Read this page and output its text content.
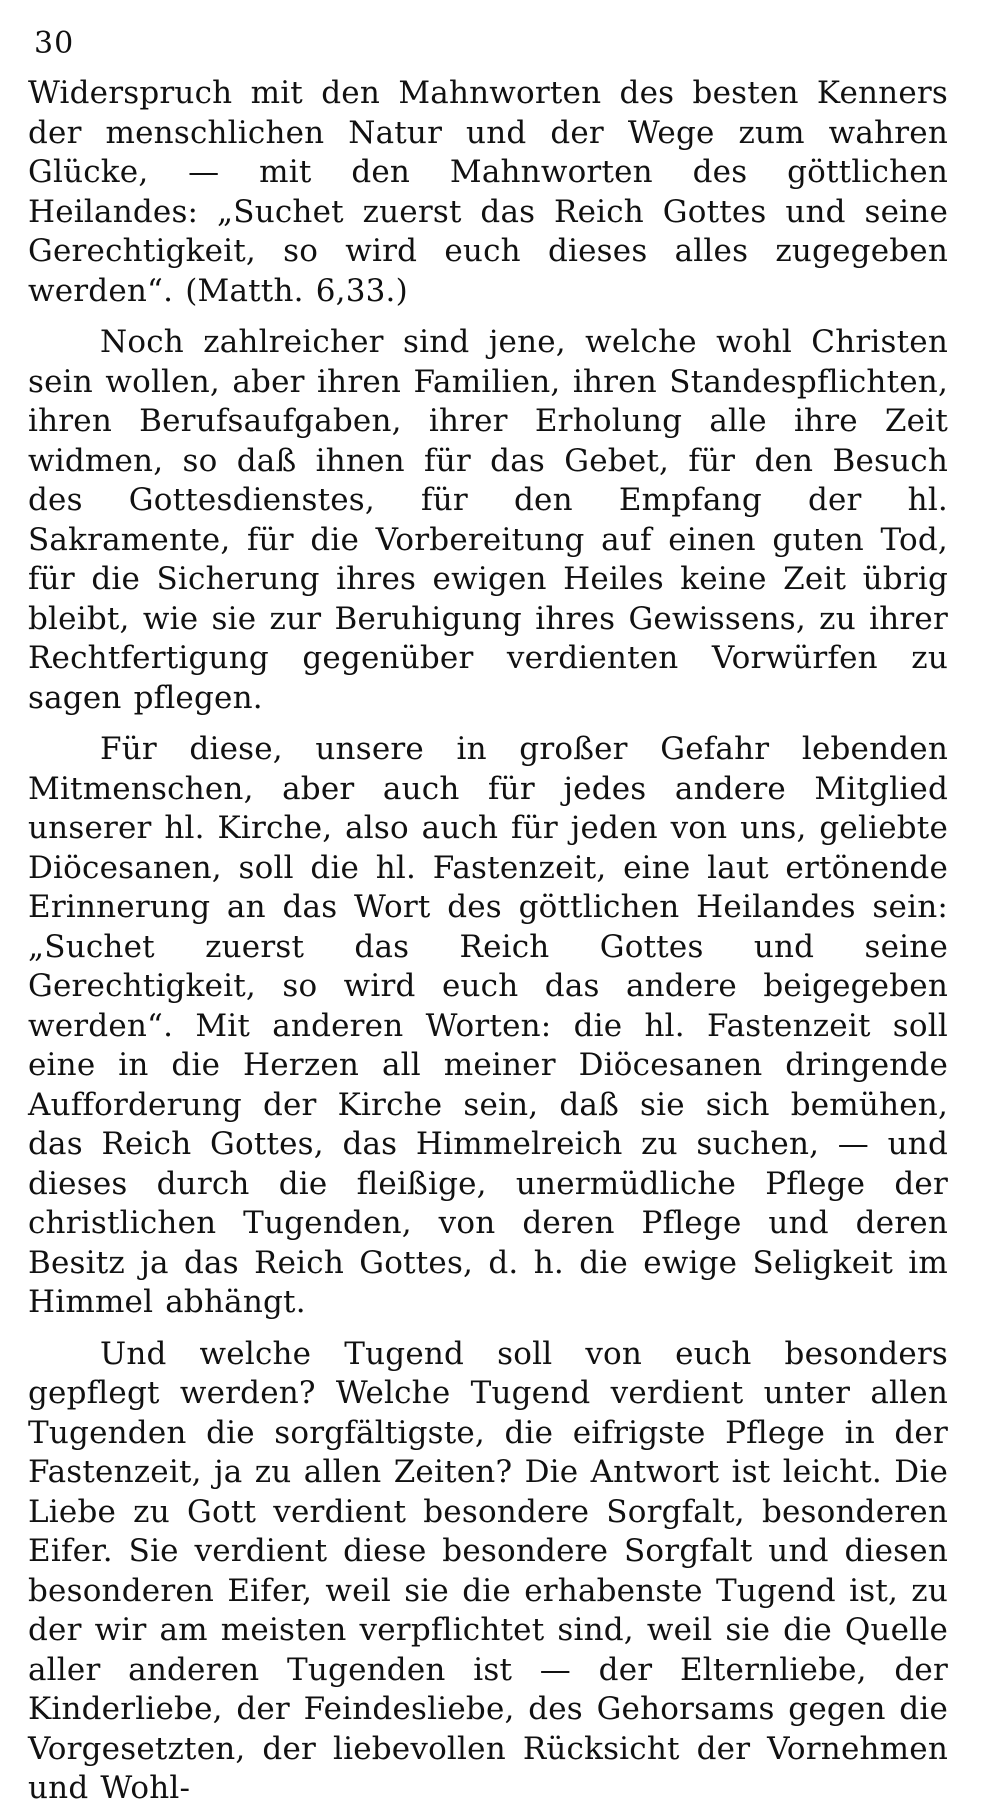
30

Widerspruch mit den Mahnworten des besten Kenners der menschlichen Natur und der Wege zum wahren Glücke, — mit den Mahnworten des göttlichen Heilandes: „Suchet zuerst das Reich Gottes und seine Gerechtigkeit, so wird euch dieses alles zugegeben werden“. (Matth. 6,33.)

Noch zahlreicher sind jene, welche wohl Christen sein wollen, aber ihren Familien, ihren Standespflichten, ihren Berufsaufgaben, ihrer Erholung alle ihre Zeit widmen, so daß ihnen für das Gebet, für den Besuch des Gottesdienstes, für den Empfang der hl. Sakramente, für die Vorbereitung auf einen guten Tod, für die Sicherung ihres ewigen Heiles keine Zeit übrig bleibt, wie sie zur Beruhigung ihres Gewissens, zu ihrer Rechtfertigung gegenüber verdienten Vorwürfen zu sagen pflegen.

Für diese, unsere in großer Gefahr lebenden Mitmenschen, aber auch für jedes andere Mitglied unserer hl. Kirche, also auch für jeden von uns, geliebte Diöcesanen, soll die hl. Fastenzeit, eine laut ertönende Erinnerung an das Wort des göttlichen Heilandes sein: „Suchet zuerst das Reich Gottes und seine Gerechtigkeit, so wird euch das andere beigegeben werden“. Mit anderen Worten: die hl. Fastenzeit soll eine in die Herzen all meiner Diöcesanen dringende Aufforderung der Kirche sein, daß sie sich bemühen, das Reich Gottes, das Himmelreich zu suchen, — und dieses durch die fleißige, unermüdliche Pflege der christlichen Tugenden, von deren Pflege und deren Besitz ja das Reich Gottes, d. h. die ewige Seligkeit im Himmel abhängt.

Und welche Tugend soll von euch besonders gepflegt werden? Welche Tugend verdient unter allen Tugenden die sorgfältigste, die eifrigste Pflege in der Fastenzeit, ja zu allen Zeiten? Die Antwort ist leicht. Die Liebe zu Gott verdient besondere Sorgfalt, besonderen Eifer. Sie verdient diese besondere Sorgfalt und diesen besonderen Eifer, weil sie die erhabenste Tugend ist, zu der wir am meisten verpflichtet sind, weil sie die Quelle aller anderen Tugenden ist — der Elternliebe, der Kinderliebe, der Feindesliebe, des Gehorsams gegen die Vorgesetzten, der liebevollen Rücksicht der Vornehmen und Wohl-
